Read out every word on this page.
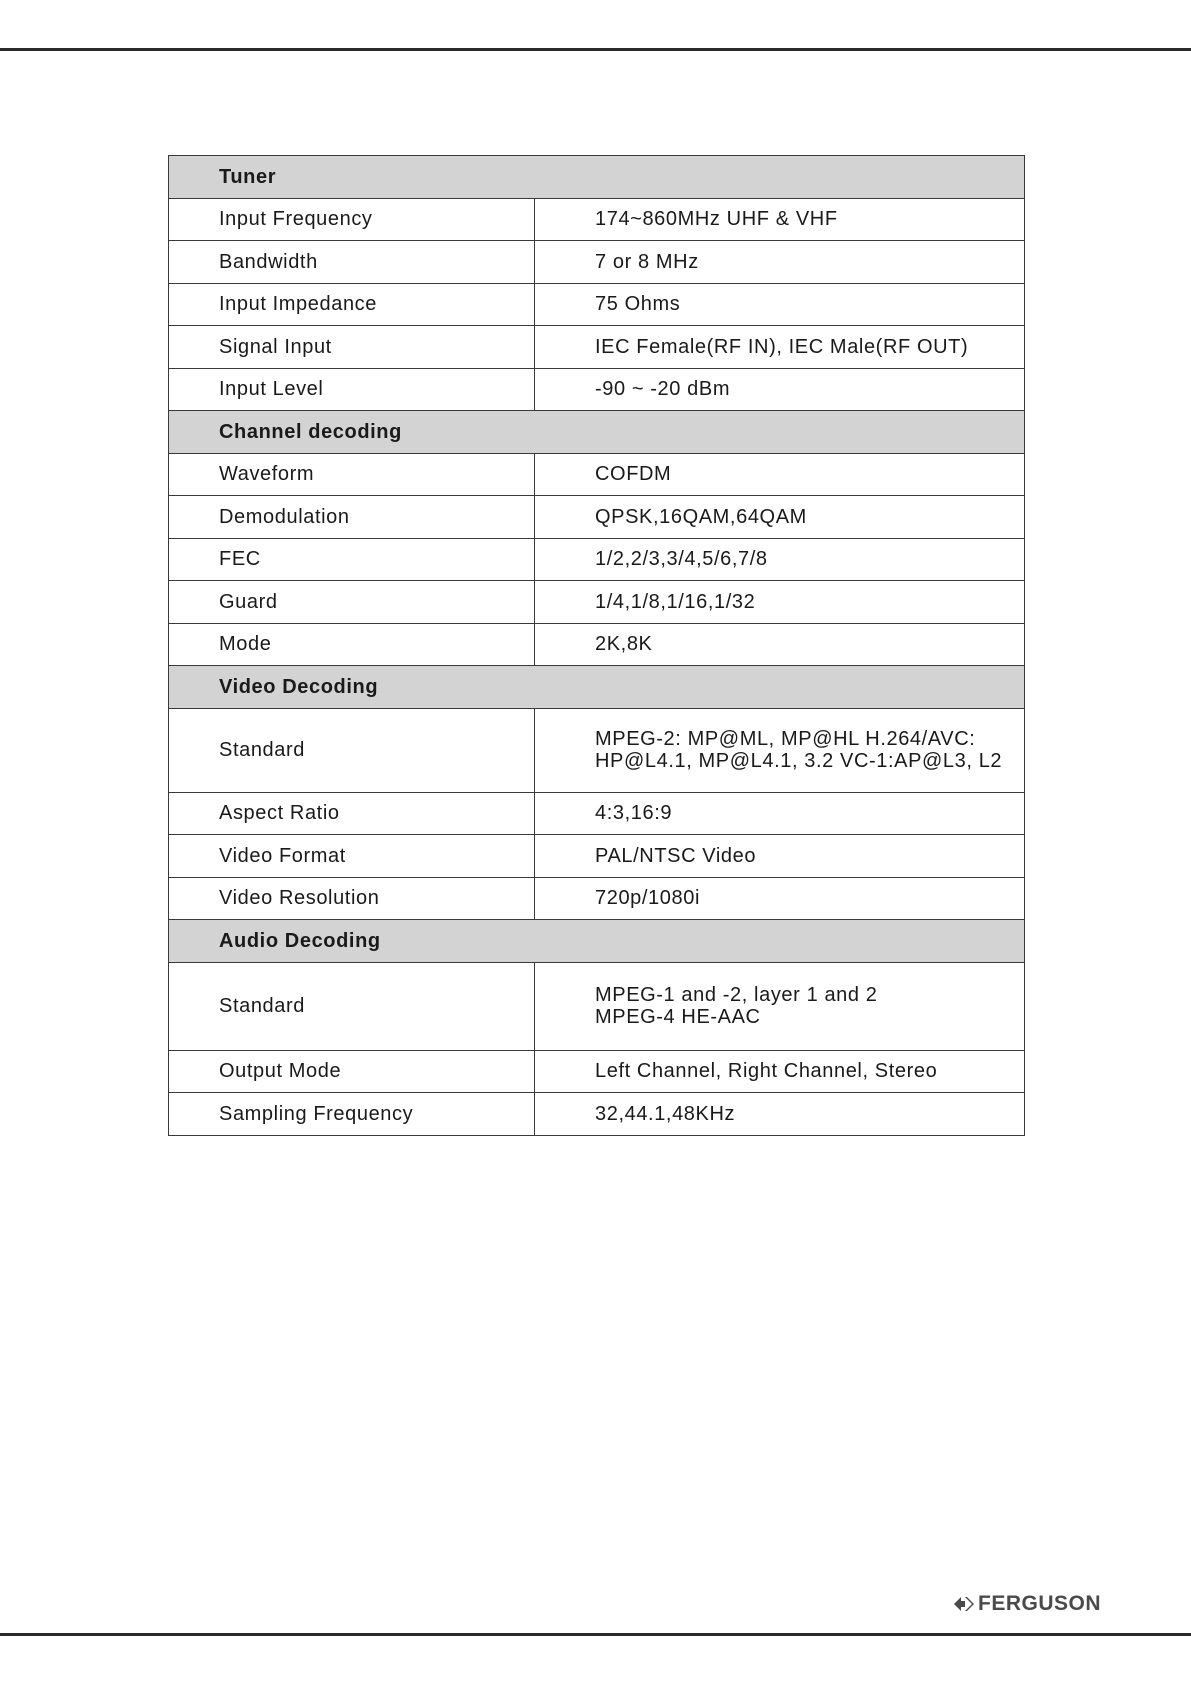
Tuner	
Input Frequency	174~860MHz UHF & VHF
Bandwidth	7 or 8 MHz
Input Impedance	75 Ohms
Signal Input	IEC Female(RF IN), IEC Male(RF OUT)
Input Level	-90 ~ -20 dBm
Channel decoding	
Waveform	COFDM
Demodulation	QPSK,16QAM,64QAM
FEC	1/2,2/3,3/4,5/6,7/8
Guard	1/4,1/8,1/16,1/32
Mode	2K,8K
Video Decoding	
Standard	MPEG-2: MP@ML, MP@HL H.264/AVC: HP@L4.1, MP@L4.1, 3.2 VC-1:AP@L3, L2
Aspect Ratio	4:3,16:9
Video Format	PAL/NTSC Video
Video Resolution	720p/1080i
Audio Decoding	
Standard	MPEG-1 and -2, layer 1 and 2
MPEG-4 HE-AAC

Output Mode	Left Channel, Right Channel, Stereo
Sampling Frequency	32,44.1,48KHz
FERGUSON
